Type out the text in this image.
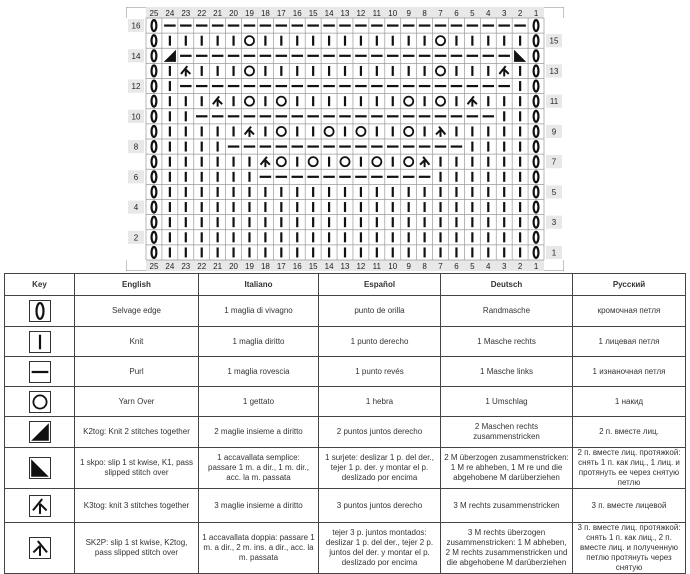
25
25
24
24
23
23
22
22
21
21
20
20
19
19
18
18
17
17
16
16
15
15
14
14
13
13
12
12
11
11
10
10
9
9
8
8
7
7
6
6
5
5
4
4
3
3
2
2
1
1
16
15
14
13
12
11
10
9
8
7
6
5
4
3
2
1
Key	English	Italiano	Español	Deutsch	Русский

	Selvage edge	1 maglia di vivagno	punto de orilla	Randmasche	кромочная петля

	Knit	1 maglia diritto	1 punto derecho	1 Masche rechts	1 лицевая петля

	Purl	1 maglia rovescia	1 punto revés	1 Masche links	1 изнаночная петля

	Yarn Over	1 gettato	1 hebra	1 Umschlag	1 накид

	K2tog: Knit 2 stitches together	2 maglie insieme a diritto	2 puntos juntos derecho	2 Maschen rechts zusammenstricken	2 п. вместе лиц.

	1 skpo: slip 1 st kwise, K1, pass slipped stitch over	1 accavallata semplice: passare 1 m. a dir., 1 m. dir., acc. la m. passata	1 surjete: deslizar 1 p. del der., tejer 1 p. der. y montar el p. deslizado por encima	2 M überzogen zusammenstricken: 1 M re abheben, 1 M re und die abgehobene M darüberziehen	2 п. вместе лиц. протяжкой: снять 1 п. как лиц., 1 лиц. и протянуть ее через снятую петлю

	K3tog: knit 3 stitches together	3 maglie insieme a diritto	3 puntos juntos derecho	3 M rechts zusammenstricken	3 п. вместе лицевой

	SK2P: slip 1 st kwise, K2tog, pass slipped stitch over	1 accavallata doppia: passare 1 m. a dir., 2 m. ins. a dir., acc. la m. passata	tejer 3 p. juntos montados: deslizar 1 p. del der., tejer 2 p. juntos del der. y montar el p. deslizado por encima	3 M rechts überzogen zusammenstricken: 1 M abheben, 2 M rechts zusammenstricken und die abgehobene M darüberziehen	3 п. вместе лиц. протяжкой: снять 1 п. как лиц., 2 п. вместе лиц. и полученную петлю протянуть через снятую
